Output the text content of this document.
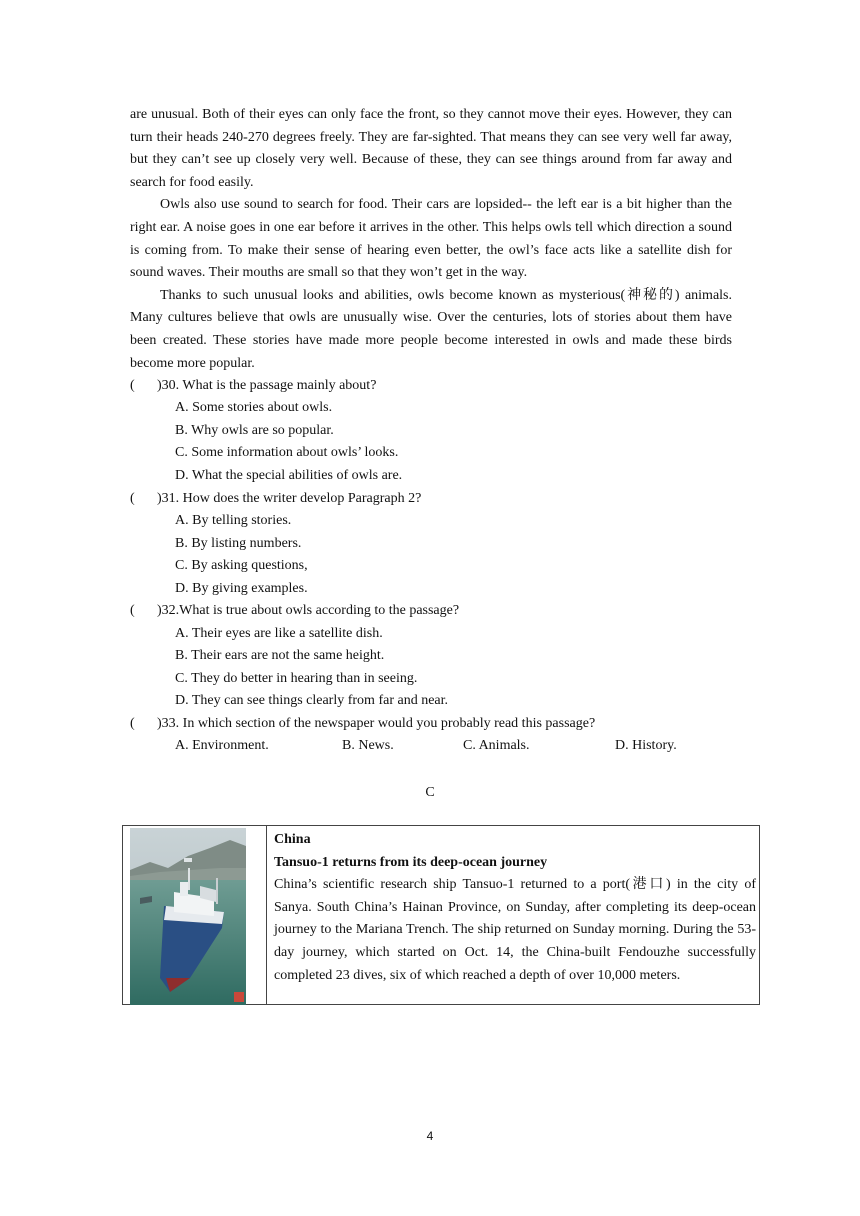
are unusual. Both of their eyes can only face the front, so they cannot move their eyes. However, they can turn their heads 240-270 degrees freely. They are far-sighted. That means they can see very well far away, but they can’t see up closely very well. Because of these, they can see things around from far away and search for food easily.

Owls also use sound to search for food. Their cars are lopsided-- the left ear is a bit higher than the right ear. A noise goes in one ear before it arrives in the other. This helps owls tell which direction a sound is coming from. To make their sense of hearing even better, the owl’s face acts like a satellite dish for sound waves. Their mouths are small so that they won’t get in the way.

Thanks to such unusual looks and abilities, owls become known as mysterious(神秘的) animals. Many cultures believe that owls are unusually wise. Over the centuries, lots of stories about them have been created. These stories have made more people become interested in owls and made these birds become more popular.

( )30. What is the passage mainly about?
A. Some stories about owls.
B. Why owls are so popular.
C. Some information about owls’ looks.
D. What the special abilities of owls are.
( )31. How does the writer develop Paragraph 2?
A. By telling stories.
B. By listing numbers.
C. By asking questions,
D. By giving examples.
( )32.What is true about owls according to the passage?
A. Their eyes are like a satellite dish.
B. Their ears are not the same height.
C. They do better in hearing than in seeing.
D. They can see things clearly from far and near.
( )33. In which section of the newspaper would you probably read this passage?
A. Environment.	B. News.	C. Animals.	D. History.
C
China
Tansuo-1 returns from its deep-ocean journey

China’s scientific research ship Tansuo-1 returned to a port(港口) in the city of Sanya. South China’s Hainan Province, on Sunday, after completing its deep-ocean journey to the Mariana Trench. The ship returned on Sunday morning. During the 53-day journey, which started on Oct. 14, the China-built Fendouzhe successfully completed 23 dives, six of which reached a depth of over 10,000 meters.

4
